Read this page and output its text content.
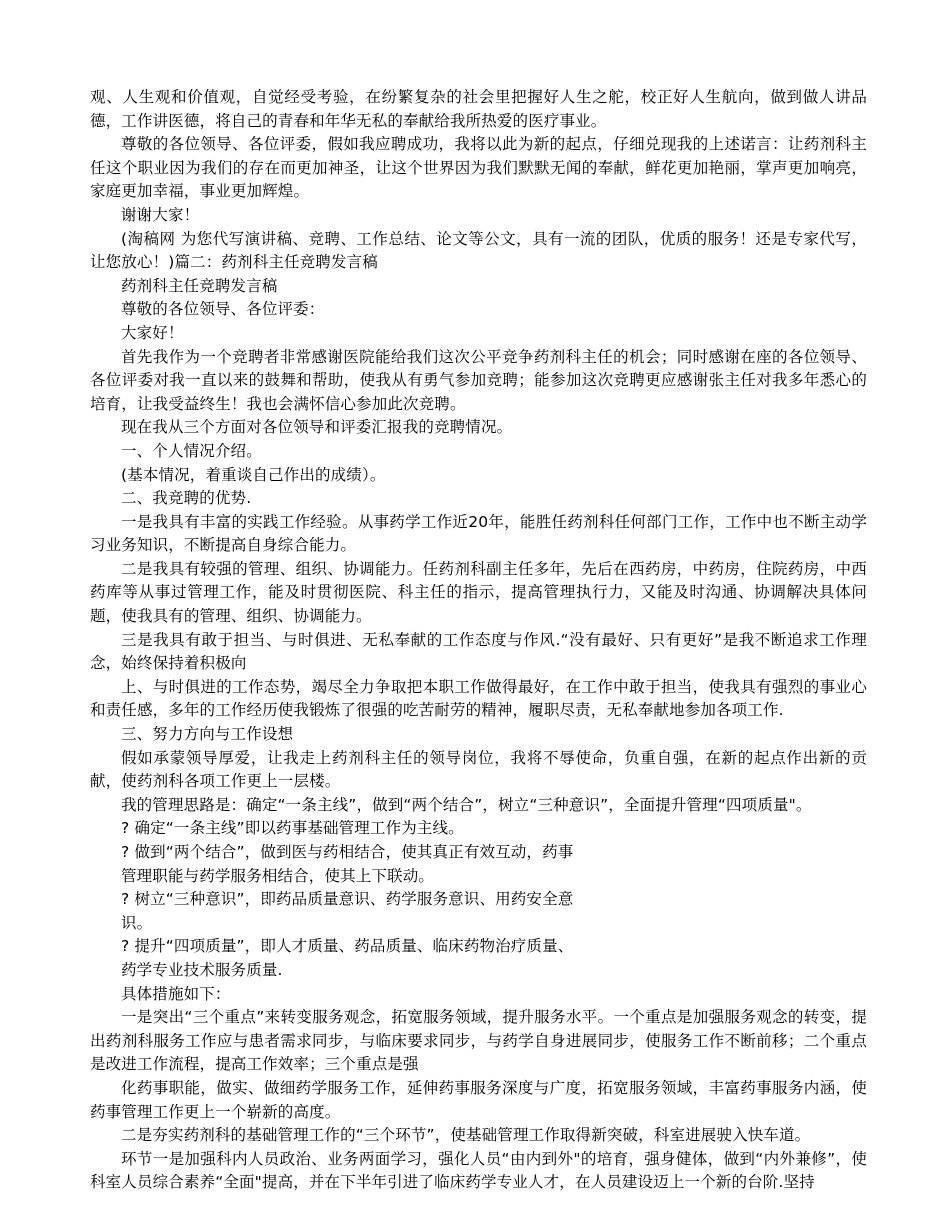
观、人生观和价值观，自觉经受考验，在纷繁复杂的社会里把握好人生之舵，校正好人生航向，做到做人讲品德，工作讲医德，将自己的青春和年华无私的奉献给我所热爱的医疗事业。

尊敬的各位领导、各位评委，假如我应聘成功，我将以此为新的起点，仔细兑现我的上述诺言：让药剂科主任这个职业因为我们的存在而更加神圣，让这个世界因为我们默默无闻的奉献，鲜花更加艳丽，掌声更加响亮，家庭更加幸福，事业更加辉煌。

谢谢大家！

(淘稿网 为您代写演讲稿、竞聘、工作总结、论文等公文，具有一流的团队，优质的服务！还是专家代写，让您放心！)篇二：药剂科主任竞聘发言稿

药剂科主任竞聘发言稿

尊敬的各位领导、各位评委：

大家好！

首先我作为一个竞聘者非常感谢医院能给我们这次公平竞争药剂科主任的机会；同时感谢在座的各位领导、各位评委对我一直以来的鼓舞和帮助，使我从有勇气参加竞聘；能参加这次竞聘更应感谢张主任对我多年悉心的培育，让我受益终生！我也会满怀信心参加此次竞聘。

现在我从三个方面对各位领导和评委汇报我的竞聘情况。

一、个人情况介绍。

(基本情况，着重谈自己作出的成绩）。

二、我竞聘的优势.

一是我具有丰富的实践工作经验。从事药学工作近20年，能胜任药剂科任何部门工作，工作中也不断主动学习业务知识，不断提高自身综合能力。

二是我具有较强的管理、组织、协调能力。任药剂科副主任多年，先后在西药房，中药房，住院药房，中西药库等从事过管理工作，能及时贯彻医院、科主任的指示，提高管理执行力，又能及时沟通、协调解决具体问题，使我具有的管理、组织、协调能力。

三是我具有敢于担当、与时俱进、无私奉献的工作态度与作风.“没有最好、只有更好”是我不断追求工作理念，始终保持着积极向

上、与时俱进的工作态势，竭尽全力争取把本职工作做得最好，在工作中敢于担当，使我具有强烈的事业心和责任感，多年的工作经历使我锻炼了很强的吃苦耐劳的精神，履职尽责，无私奉献地参加各项工作.

三、努力方向与工作设想

假如承蒙领导厚爱，让我走上药剂科主任的领导岗位，我将不辱使命，负重自强，在新的起点作出新的贡献，使药剂科各项工作更上一层楼。

我的管理思路是：确定“一条主线”，做到“两个结合”，树立“三种意识”，全面提升管理“四项质量"。

? 确定“一条主线”即以药事基础管理工作为主线。

? 做到“两个结合”，做到医与药相结合，使其真正有效互动，药事

管理职能与药学服务相结合，使其上下联动。

? 树立“三种意识”，即药品质量意识、药学服务意识、用药安全意

识。

? 提升“四项质量”，即人才质量、药品质量、临床药物治疗质量、

药学专业技术服务质量.

具体措施如下：

一是突出“三个重点”来转变服务观念，拓宽服务领域，提升服务水平。一个重点是加强服务观念的转变，提出药剂科服务工作应与患者需求同步，与临床要求同步，与药学自身进展同步，使服务工作不断前移；二个重点是改进工作流程，提高工作效率；三个重点是强

化药事职能，做实、做细药学服务工作，延伸药事服务深度与广度，拓宽服务领域，丰富药事服务内涵，使药事管理工作更上一个崭新的高度。

二是夯实药剂科的基础管理工作的“三个环节”，使基础管理工作取得新突破，科室进展驶入快车道。

环节一是加强科内人员政治、业务两面学习，强化人员“由内到外"的培育，强身健体，做到“内外兼修”，使科室人员综合素养“全面"提高，并在下半年引进了临床药学专业人才，在人员建设迈上一个新的台阶.坚持
